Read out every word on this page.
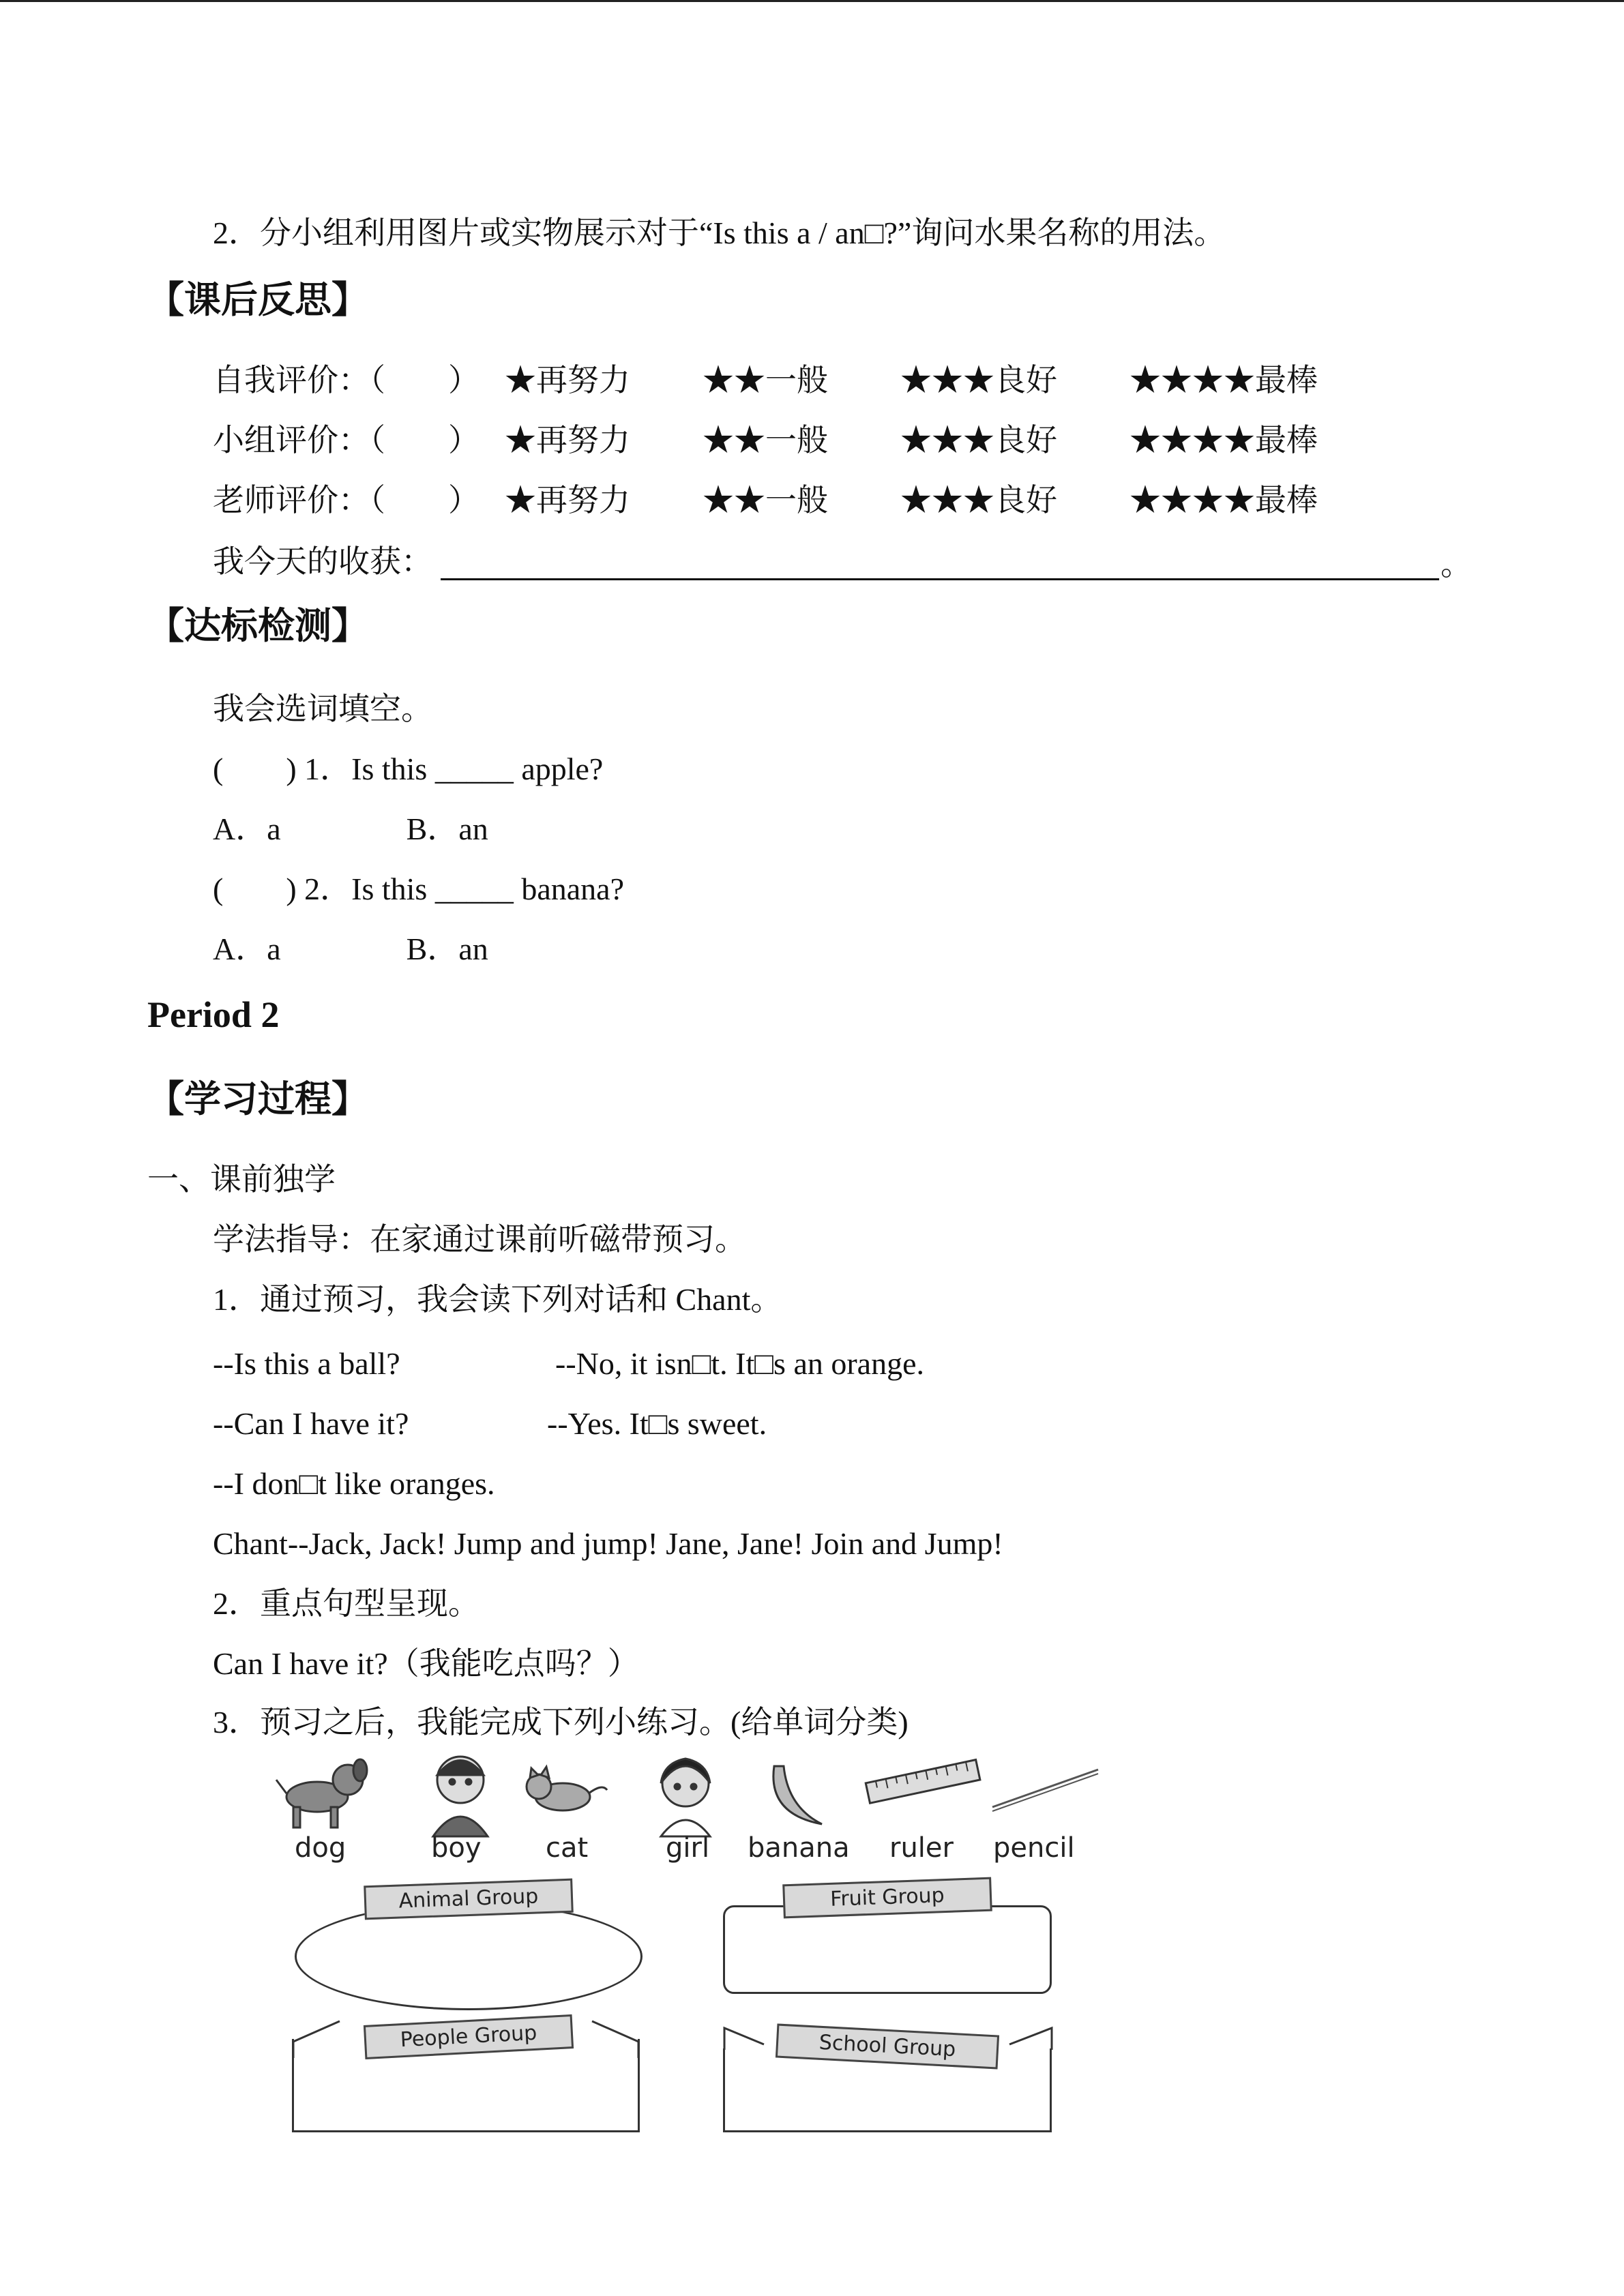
2．分小组利用图片或实物展示对于“Is this a / an□?”询问水果名称的用法。
【课后反思】
自我评价：（　　） ★再努力 ★★一般 ★★★良好 ★★★★最棒
小组评价：（　　） ★再努力 ★★一般 ★★★良好 ★★★★最棒
老师评价：（　　） ★再努力 ★★一般 ★★★良好 ★★★★最棒
我今天的收获：	。
【达标检测】
我会选词填空。
(　　) 1．Is this _____ apple?
A．a　　　　B．an
(　　) 2．Is this _____ banana?
A．a　　　　B．an
Period 2
【学习过程】
一、课前独学
学法指导：在家通过课前听磁带预习。
1．通过预习，我会读下列对话和 Chant。
--Is this a ball?	--No, it isn□t. It□s an orange.
--Can I have it?	--Yes. It□s sweet.
--I don□t like oranges.
Chant--Jack, Jack! Jump and jump! Jane, Jane! Join and Jump!
2．重点句型呈现。
Can I have it?（我能吃点吗？）
3．预习之后，我能完成下列小练习。(给单词分类)
dog	boy cat	girl banana ruler pencil
Animal Group	Fruit Group
People Group	School Group
